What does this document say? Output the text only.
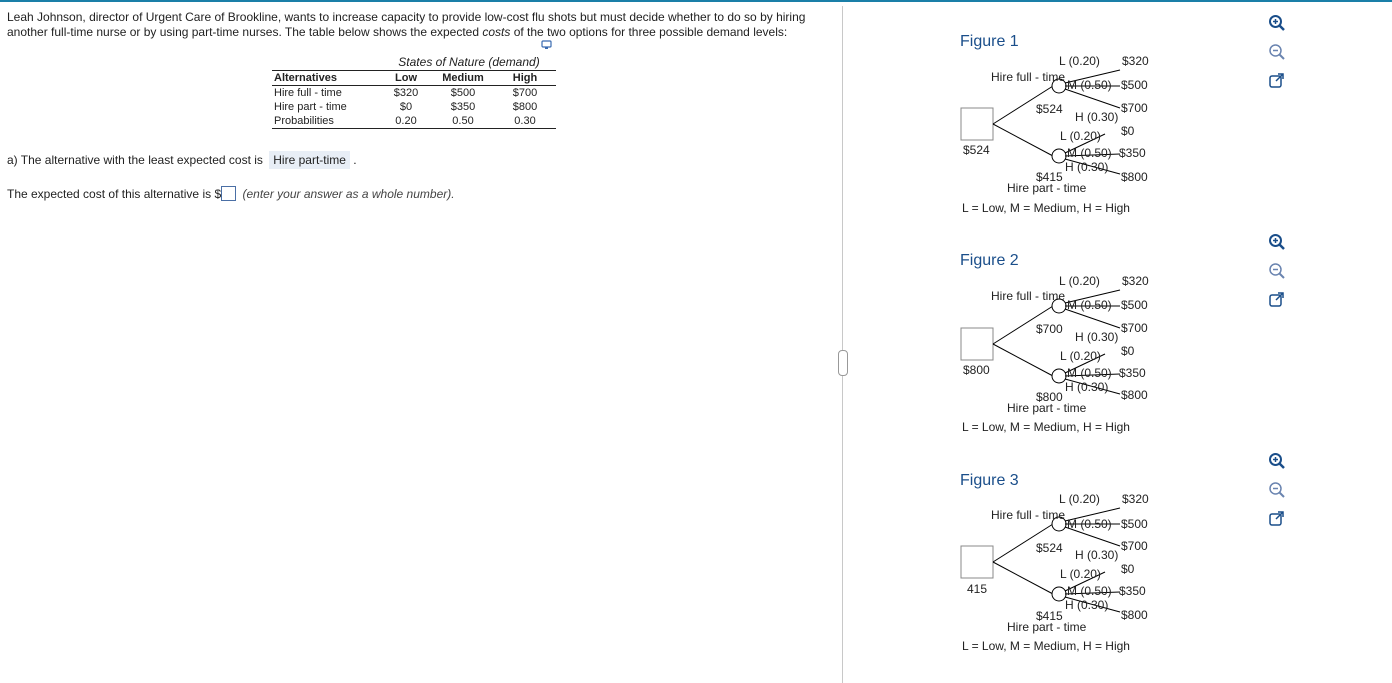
Leah Johnson, director of Urgent Care of Brookline, wants to increase capacity to provide low-cost flu shots but must decide whether to do so by hiring
another full-time nurse or by using part-time nurses. The table below shows the expected costs of the two options for three possible demand levels:
States of Nature (demand)
Alternatives	Low	Medium	High
Hire full - time	$320	$500	$700
Hire part - time	$0	$350	$800
Probabilities	0.20	0.50	0.30
a) The alternative with the least expected cost is Hire part-time .
The expected cost of this alternative is $ (enter your answer as a whole number).
Figure 1
$524
Hire full - time
$524
L (0.20) $320
M (0.50) $500
H (0.30)
$700
L (0.20) $0
M (0.50) $350
H (0.30)
$800
$415
Hire part - time
L = Low, M = Medium, H = High
Figure 2
$800
Hire full - time
$700
L (0.20) $320
M (0.50) $500
H (0.30)
$700
L (0.20) $0
M (0.50) $350
H (0.30)
$800
$800
Hire part - time
L = Low, M = Medium, H = High
Figure 3
415
Hire full - time
$524
L (0.20) $320
M (0.50) $500
H (0.30)
$700
L (0.20) $0
M (0.50) $350
H (0.30)
$800
$415
Hire part - time
L = Low, M = Medium, H = High
